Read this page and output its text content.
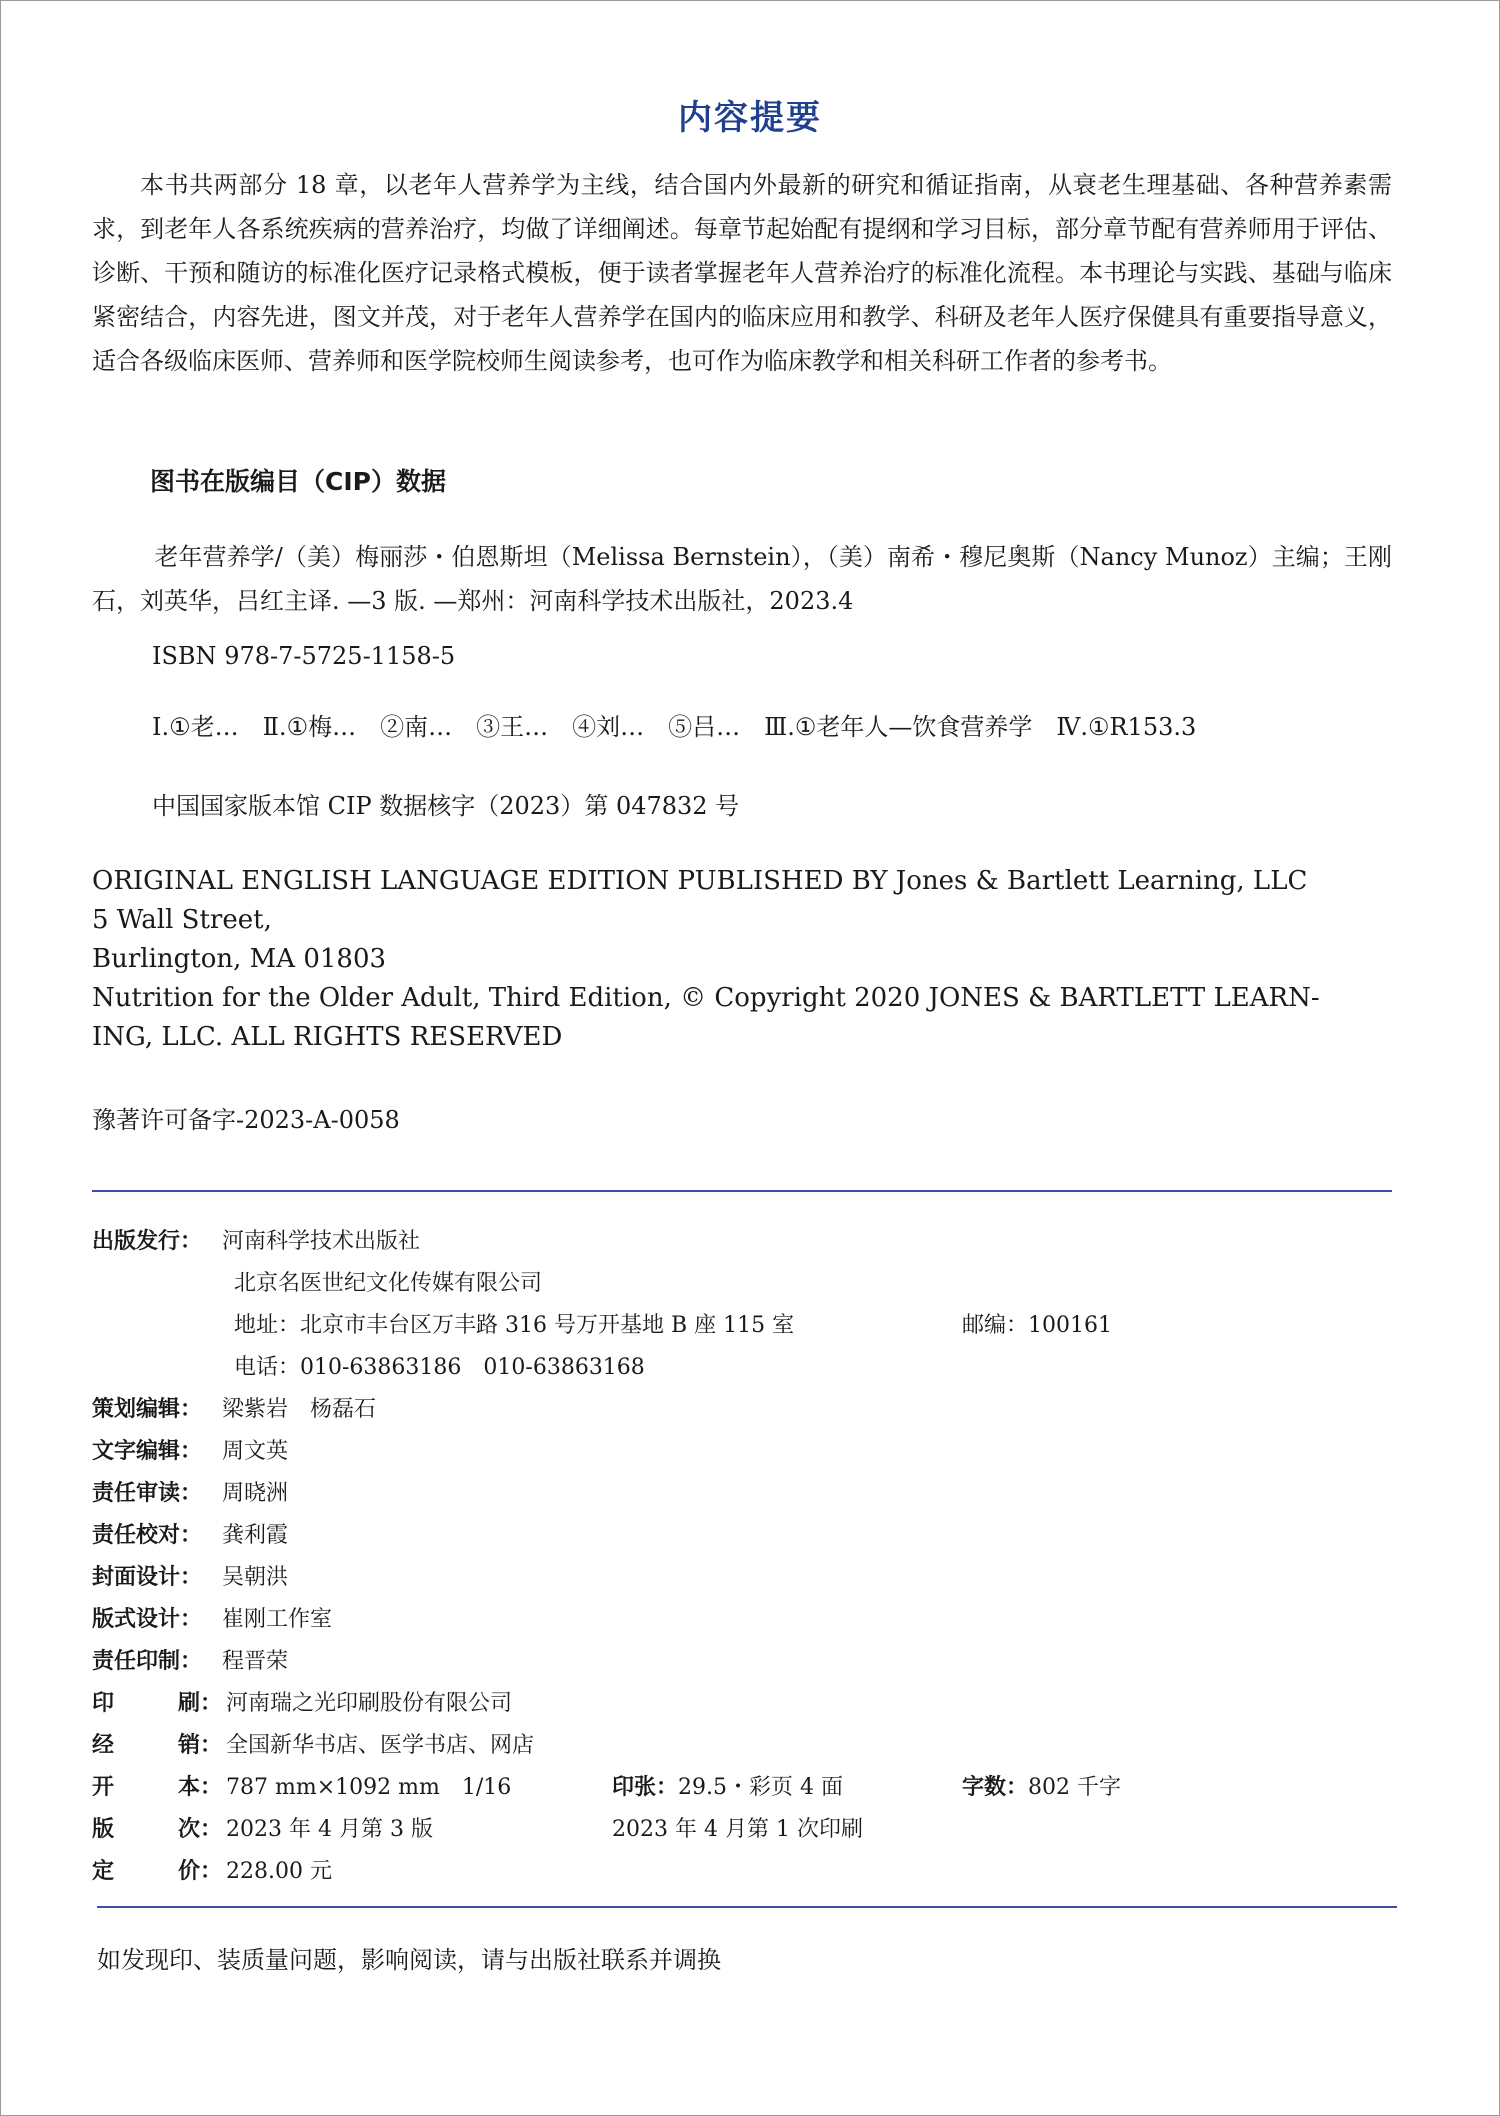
内容提要
本书共两部分 18 章，以老年人营养学为主线，结合国内外最新的研究和循证指南，从衰老生理基础、各种营养素需求，到老年人各系统疾病的营养治疗，均做了详细阐述。每章节起始配有提纲和学习目标，部分章节配有营养师用于评估、诊断、干预和随访的标准化医疗记录格式模板，便于读者掌握老年人营养治疗的标准化流程。本书理论与实践、基础与临床紧密结合，内容先进，图文并茂，对于老年人营养学在国内的临床应用和教学、科研及老年人医疗保健具有重要指导意义，适合各级临床医师、营养师和医学院校师生阅读参考，也可作为临床教学和相关科研工作者的参考书。
图书在版编目（CIP）数据
老年营养学/（美）梅丽莎・伯恩斯坦（Melissa Bernstein），（美）南希・穆尼奥斯（Nancy Munoz）主编；王刚石，刘英华，吕红主译. —3 版. —郑州：河南科学技术出版社，2023.4
ISBN 978-7-5725-1158-5
Ⅰ.①老…　Ⅱ.①梅…　②南…　③王…　④刘…　⑤吕…　Ⅲ.①老年人—饮食营养学　Ⅳ.①R153.3
中国国家版本馆 CIP 数据核字（2023）第 047832 号
ORIGINAL ENGLISH LANGUAGE EDITION PUBLISHED BY Jones & Bartlett Learning, LLC
5 Wall Street,
Burlington, MA 01803
Nutrition for the Older Adult, Third Edition, © Copyright 2020 JONES & BARTLETT LEARN-
ING, LLC. ALL RIGHTS RESERVED
豫著许可备字-2023-A-0058
出版发行： 河南科学技术出版社
北京名医世纪文化传媒有限公司
地址：北京市丰台区万丰路 316 号万开基地 B 座 115 室	邮编：100161
电话：010-63863186　010-63863168
策划编辑： 梁紫岩　杨磊石
文字编辑： 周文英
责任审读： 周晓洲
责任校对： 龚利霞
封面设计： 吴朝洪
版式设计： 崔刚工作室
责任印制： 程晋荣
印	刷： 河南瑞之光印刷股份有限公司
经	销： 全国新华书店、医学书店、网店
开	本： 787 mm×1092 mm　1/16	印张：29.5・彩页 4 面	字数：802 千字
版	次： 2023 年 4 月第 3 版	2023 年 4 月第 1 次印刷
定	价： 228.00 元
如发现印、装质量问题，影响阅读，请与出版社联系并调换
